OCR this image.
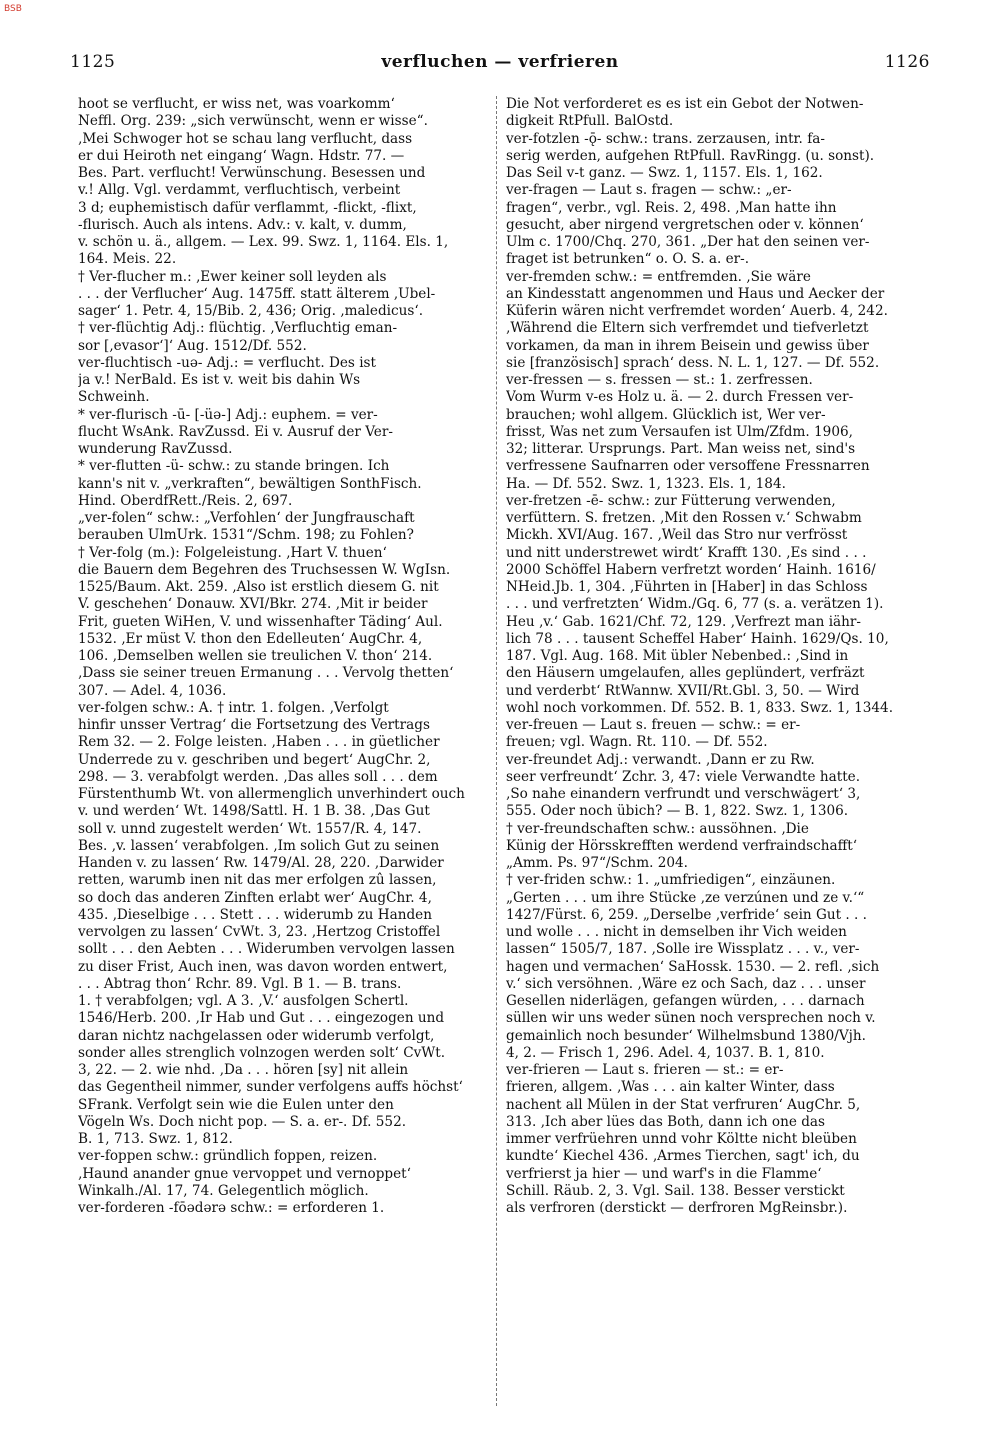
BSB
1125	verfluchen — verfrieren	1126
hoot se verflucht, er wiss net, was voarkomm‘
Neffl. Org. 239: „sich verwünscht, wenn er wisse“.
‚Mei Schwoger hot se schau lang verflucht, dass
er dui Heiroth net eingang‘ Wagn. Hdstr. 77. —
Bes. Part. verflucht! Verwünschung. Besessen und
v.! Allg. Vgl. verdammt, verfluchtisch, verbeint
3 d; euphemistisch dafür verflammt, -flickt, -flixt,
-flurisch. Auch als intens. Adv.: v. kalt, v. dumm,
v. schön u. ä., allgem. — Lex. 99. Swz. 1, 1164. Els. 1,
164. Meis. 22.
† Ver-flucher m.: ‚Ewer keiner soll leyden als
. . . der Verflucher‘ Aug. 1475ff. statt älterem ‚Ubel-
sager‘ 1. Petr. 4, 15/Bib. 2, 436; Orig. ‚maledicus‘.
† ver-flüchtig Adj.: flüchtig. ‚Verfluchtig eman-
sor [‚evasor‘]‘ Aug. 1512/Df. 552.
ver-fluchtisch -uə- Adj.: = verflucht. Des ist
ja v.! NerBald. Es ist v. weit bis dahin Ws
Schweinh.
* ver-flurisch -ū- [-üə-] Adj.: euphem. = ver-
flucht WsAnk. RavZussd. Ei v. Ausruf der Ver-
wunderung RavZussd.
* ver-flutten -ü- schw.: zu stande bringen. Ich
kann's nit v. „verkraften“, bewältigen SonthFisch.
Hind. OberdfRett./Reis. 2, 697.
„ver-folen“ schw.: „Verfohlen‘ der Jungfrauschaft
berauben UlmUrk. 1531“/Schm. 198; zu Fohlen?
† Ver-folg (m.): Folgeleistung. ‚Hart V. thuen‘
die Bauern dem Begehren des Truchsessen W. WgIsn.
1525/Baum. Akt. 259. ‚Also ist erstlich diesem G. nit
V. geschehen‘ Donauw. XVI/Bkr. 274. ‚Mit ir beider
Frit, gueten WiHen, V. und wissenhafter Täding‘ Aul.
1532. ‚Er müst V. thon den Edelleuten‘ AugChr. 4,
106. ‚Demselben wellen sie treulichen V. thon‘ 214.
‚Dass sie seiner treuen Ermanung . . . Vervolg thetten‘
307. — Adel. 4, 1036.
ver-folgen schw.: A. † intr. 1. folgen. ‚Verfolgt
hinfir unsser Vertrag‘ die Fortsetzung des Vertrags
Rem 32. — 2. Folge leisten. ‚Haben . . . in güetlicher
Underrede zu v. geschriben und begert‘ AugChr. 2,
298. — 3. verabfolgt werden. ‚Das alles soll . . . dem
Fürstenthumb Wt. von allermenglich unverhindert ouch
v. und werden‘ Wt. 1498/Sattl. H. 1 B. 38. ‚Das Gut
soll v. unnd zugestelt werden‘ Wt. 1557/R. 4, 147.
Bes. ‚v. lassen‘ verabfolgen. ‚Im solich Gut zu seinen
Handen v. zu lassen‘ Rw. 1479/Al. 28, 220. ‚Darwider
retten, warumb inen nit das mer erfolgen zû lassen,
so doch das anderen Zinften erlabt wer‘ AugChr. 4,
435. ‚Dieselbige . . . Stett . . . widerumb zu Handen
vervolgen zu lassen‘ CvWt. 3, 23. ‚Hertzog Cristoffel
sollt . . . den Aebten . . . Widerumben vervolgen lassen
zu diser Frist, Auch inen, was davon worden entwert,
. . . Abtrag thon‘ Rchr. 89. Vgl. B 1. — B. trans.
1. † verabfolgen; vgl. A 3. ‚V.‘ ausfolgen Schertl.
1546/Herb. 200. ‚Ir Hab und Gut . . . eingezogen und
daran nichtz nachgelassen oder widerumb verfolgt,
sonder alles strenglich volnzogen werden solt‘ CvWt.
3, 22. — 2. wie nhd. ‚Da . . . hören [sy] nit allein
das Gegentheil nimmer, sunder verfolgens auffs höchst‘
SFrank. Verfolgt sein wie die Eulen unter den
Vögeln Ws. Doch nicht pop. — S. a. er-. Df. 552.
B. 1, 713. Swz. 1, 812.
ver-foppen schw.: gründlich foppen, reizen.
‚Haund anander gnue vervoppet und vernoppet‘
Winkalh./Al. 17, 74. Gelegentlich möglich.
ver-forderen -fōədərə schw.: = erforderen 1.
Die Not verforderet es es ist ein Gebot der Notwen-
digkeit RtPfull. BalOstd.
ver-fotzlen -ǭ- schw.: trans. zerzausen, intr. fa-
serig werden, aufgehen RtPfull. RavRingg. (u. sonst).
Das Seil v-t ganz. — Swz. 1, 1157. Els. 1, 162.
ver-fragen — Laut s. fragen — schw.: „er-
fragen“, verbr., vgl. Reis. 2, 498. ‚Man hatte ihn
gesucht, aber nirgend vergretschen oder v. können‘
Ulm c. 1700/Chq. 270, 361. „Der hat den seinen ver-
fraget ist betrunken“ o. O. S. a. er-.
ver-fremden schw.: = entfremden. ‚Sie wäre
an Kindesstatt angenommen und Haus und Aecker der
Küferin wären nicht verfremdet worden‘ Auerb. 4, 242.
‚Während die Eltern sich verfremdet und tiefverletzt
vorkamen, da man in ihrem Beisein und gewiss über
sie [französisch] sprach‘ dess. N. L. 1, 127. — Df. 552.
ver-fressen — s. fressen — st.: 1. zerfressen.
Vom Wurm v-es Holz u. ä. — 2. durch Fressen ver-
brauchen; wohl allgem. Glücklich ist, Wer ver-
frisst, Was net zum Versaufen ist Ulm/Zfdm. 1906,
32; litterar. Ursprungs. Part. Man weiss net, sind's
verfressene Saufnarren oder versoffene Fressnarren
Ha. — Df. 552. Swz. 1, 1323. Els. 1, 184.
ver-fretzen -ē- schw.: zur Fütterung verwenden,
verfüttern. S. fretzen. ‚Mit den Rossen v.‘ Schwabm
Mickh. XVI/Aug. 167. ‚Weil das Stro nur verfrösst
und nitt understrewet wirdt‘ Krafft 130. ‚Es sind . . .
2000 Schöffel Habern verfretzt worden‘ Hainh. 1616/
NHeid.Jb. 1, 304. ‚Führten in [Haber] in das Schloss
. . . und verfretzten‘ Widm./Gq. 6, 77 (s. a. verätzen 1).
Heu ‚v.‘ Gab. 1621/Chf. 72, 129. ‚Verfrezt man iähr-
lich 78 . . . tausent Scheffel Haber‘ Hainh. 1629/Qs. 10,
187. Vgl. Aug. 168. Mit übler Nebenbed.: ‚Sind in
den Häusern umgelaufen, alles geplündert, verfräzt
und verderbt‘ RtWannw. XVII/Rt.Gbl. 3, 50. — Wird
wohl noch vorkommen. Df. 552. B. 1, 833. Swz. 1, 1344.
ver-freuen — Laut s. freuen — schw.: = er-
freuen; vgl. Wagn. Rt. 110. — Df. 552.
ver-freundet Adj.: verwandt. ‚Dann er zu Rw.
seer verfreundt‘ Zchr. 3, 47: viele Verwandte hatte.
‚So nahe einandern verfrundt und verschwägert‘ 3,
555. Oder noch übich? — B. 1, 822. Swz. 1, 1306.
† ver-freundschaften schw.: aussöhnen. ‚Die
Künig der Hörsskrefften werdend verfraindschafft‘
„Amm. Ps. 97“/Schm. 204.
† ver-friden schw.: 1. „umfriedigen“, einzäunen.
„Gerten . . . um ihre Stücke ‚ze verzúnen und ze v.‘“
1427/Fürst. 6, 259. „Derselbe ‚verfride‘ sein Gut . . .
und wolle . . . nicht in demselben ihr Vich weiden
lassen“ 1505/7, 187. ‚Solle ire Wissplatz . . . v., ver-
hagen und vermachen‘ SaHossk. 1530. — 2. refl. ‚sich
v.‘ sich versöhnen. ‚Wäre ez och Sach, daz . . . unser
Gesellen niderlägen, gefangen würden, . . . darnach
süllen wir uns weder sünen noch versprechen noch v.
gemainlich noch besunder‘ Wilhelmsbund 1380/Vjh.
4, 2. — Frisch 1, 296. Adel. 4, 1037. B. 1, 810.
ver-frieren — Laut s. frieren — st.: = er-
frieren, allgem. ‚Was . . . ain kalter Winter, dass
nachent all Mülen in der Stat verfruren‘ AugChr. 5,
313. ‚Ich aber lües das Both, dann ich one das
immer verfrüehren unnd vohr Költte nicht bleüben
kundte‘ Kiechel 436. ‚Armes Tierchen, sagt' ich, du
verfrierst ja hier — und warf's in die Flamme‘
Schill. Räub. 2, 3. Vgl. Sail. 138. Besser verstickt
als verfroren (derstickt — derfroren MgReinsbr.).
